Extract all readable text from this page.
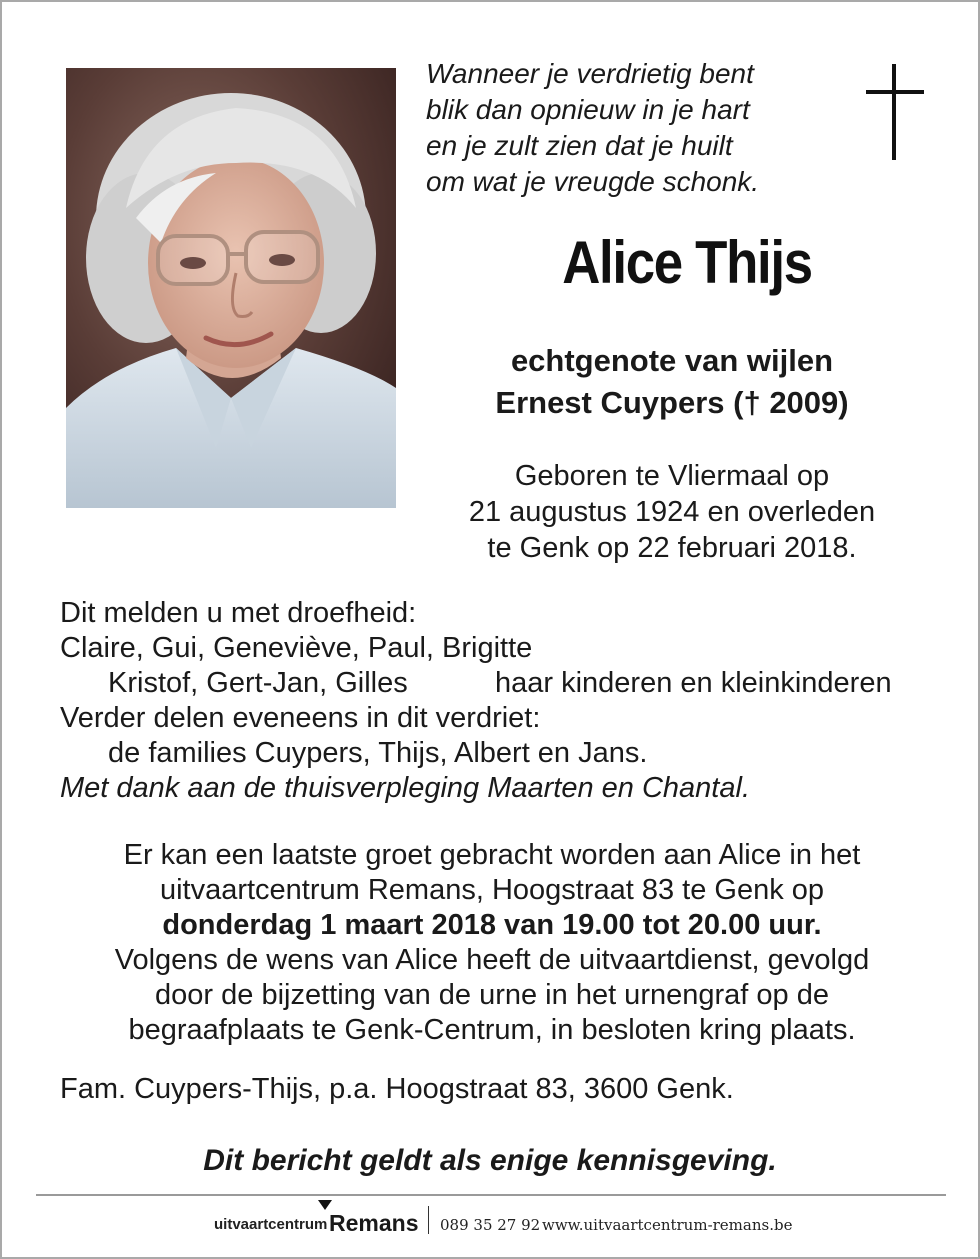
Wanneer je verdrietig bent
blik dan opnieuw in je hart
en je zult zien dat je huilt
om wat je vreugde schonk.
Alice Thijs
echtgenote van wijlen
Ernest Cuypers († 2009)
Geboren te Vliermaal op
21 augustus 1924 en overleden
te Genk op 22 februari 2018.
Dit melden u met droefheid:
Claire, Gui, Geneviève, Paul, Brigitte
Kristof, Gert-Jan, Gilles	haar kinderen en kleinkinderen
Verder delen eveneens in dit verdriet:
de families Cuypers, Thijs, Albert en Jans.
Met dank aan de thuisverpleging Maarten en Chantal.
Er kan een laatste groet gebracht worden aan Alice in het
uitvaartcentrum Remans, Hoogstraat 83 te Genk op
donderdag 1 maart 2018 van 19.00 tot 20.00 uur.
Volgens de wens van Alice heeft de uitvaartdienst, gevolgd
door de bijzetting van de urne in het urnengraf op de
begraafplaats te Genk-Centrum, in besloten kring plaats.
Fam. Cuypers-Thijs, p.a. Hoogstraat 83, 3600 Genk.
Dit bericht geldt als enige kennisgeving.
uitvaartcentrum Remans 089 35 27 92 www.uitvaartcentrum-remans.be
